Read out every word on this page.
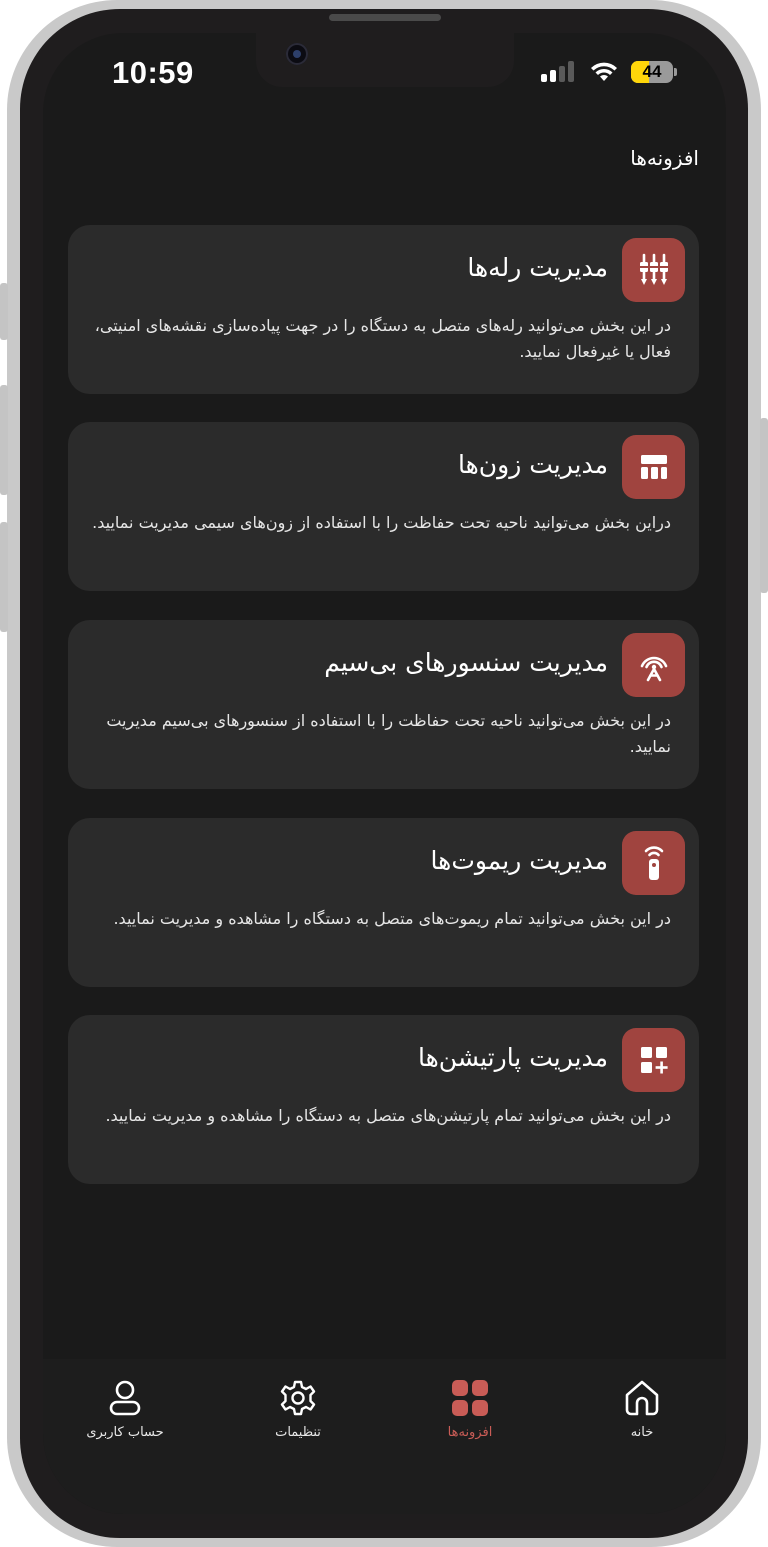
10:59	44
افزونه‌ها
مدیریت رله‌ها
در این بخش می‌توانید رله‌های متصل به دستگاه را در جهت پیاده‌سازی نقشه‌های امنیتی، فعال یا غیرفعال نمایید.
مدیریت زون‌ها
دراین بخش می‌توانید ناحیه تحت حفاظت را با استفاده از زون‌های سیمی مدیریت نمایید.
مدیریت سنسورهای بی‌سیم
در این بخش می‌توانید ناحیه تحت حفاظت را با استفاده از سنسورهای بی‌سیم مدیریت نمایید.
مدیریت ریموت‌ها
در این بخش می‌توانید تمام ریموت‌های متصل به دستگاه را مشاهده و مدیریت نمایید.
مدیریت پارتیشن‌ها
در این بخش می‌توانید تمام پارتیشن‌های متصل به دستگاه را مشاهده و مدیریت نمایید.
حساب کاربری	تنظیمات	افزونه‌ها	خانه
